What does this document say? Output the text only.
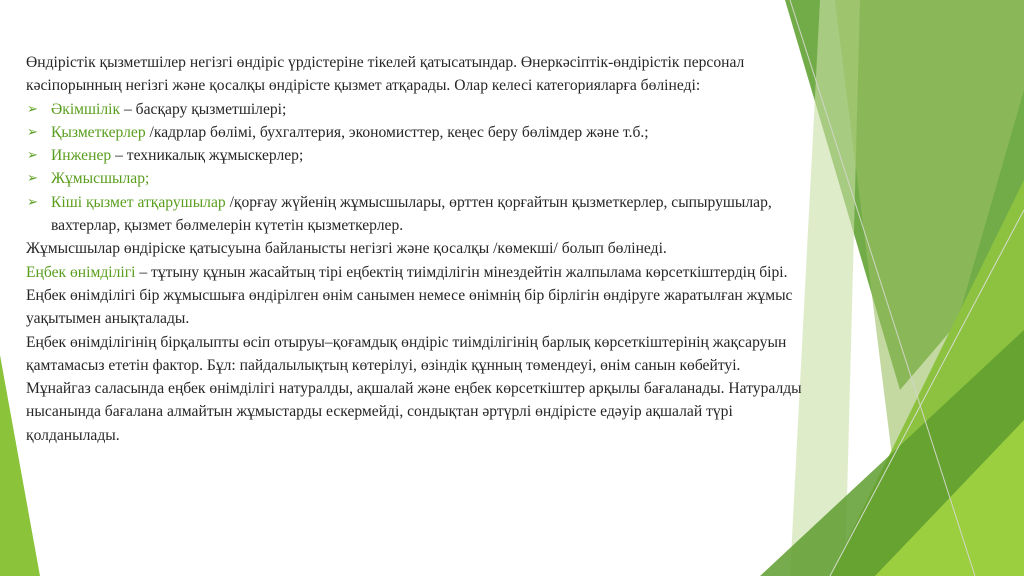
Өндірістік қызметшілер негізгі өндіріс үрдістеріне тікелей қатысатындар. Өнеркәсіптік-өндірістік персонал кәсіпорынның негізгі және қосалқы өндірісте қызмет атқарады. Олар келесі категорияларға бөлінеді:

➢ Әкімшілік – басқару қызметшілері;
➢ Қызметкерлер /кадрлар бөлімі, бухгалтерия, экономисттер, кеңес беру бөлімдер және т.б.;
➢ Инженер – техникалық жұмыскерлер;
➢ Жұмысшылар;
➢ Кіші қызмет атқарушылар /қорғау жүйенің жұмысшылары, өрттен қорғайтын қызметкерлер, сыпырушылар, вахтерлар, қызмет бөлмелерін күтетін қызметкерлер.

Жұмысшылар өндіріске қатысуына байланысты негізгі және қосалқы /көмекші/ болып бөлінеді.

Еңбек өнімділігі – тұтыну құнын жасайтың тірі еңбектің тиімділігін мінездейтін жалпылама көрсеткіштердің бірі. Еңбек өнімділігі бір жұмысшыға өндірілген өнім санымен немесе өнімнің бір бірлігін өндіруге жаратылған жұмыс уақытымен анықталады.

Еңбек өнімділігінің бірқалыпты өсіп отыруы–қоғамдық өндіріс тиімділігінің барлық көрсеткіштерінің жақсаруын қамтамасыз ететін фактор. Бұл: пайдалылықтың көтерілуі, өзіндік құнның төмендеуі, өнім санын көбейтуі.

Мұнайгаз саласында еңбек өнімділігі натуралды, ақшалай және еңбек көрсеткіштер арқылы бағаланады. Натуралды нысанында бағалана алмайтын жұмыстарды ескермейді, сондықтан әртүрлі өндірісте едәуір ақшалай түрі қолданылады.
